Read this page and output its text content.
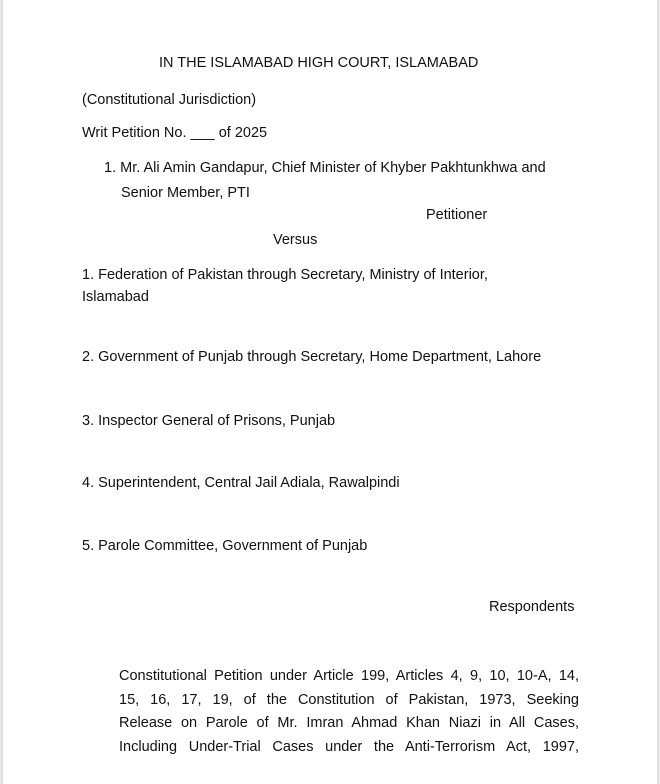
IN THE ISLAMABAD HIGH COURT, ISLAMABAD
(Constitutional Jurisdiction)
Writ Petition No. ___ of 2025
1. Mr. Ali Amin Gandapur, Chief Minister of Khyber Pakhtunkhwa and
Senior Member, PTI
Petitioner
Versus
1. Federation of Pakistan through Secretary, Ministry of Interior,
Islamabad
2. Government of Punjab through Secretary, Home Department, Lahore
3. Inspector General of Prisons, Punjab
4. Superintendent, Central Jail Adiala, Rawalpindi
5. Parole Committee, Government of Punjab
Respondents
Constitutional Petition under Article 199, Articles 4, 9, 10, 10-A, 14,
15, 16, 17, 19, of the Constitution of Pakistan, 1973, Seeking
Release on Parole of Mr. Imran Ahmad Khan Niazi in All Cases,
Including Under-Trial Cases under the Anti-Terrorism Act, 1997,
